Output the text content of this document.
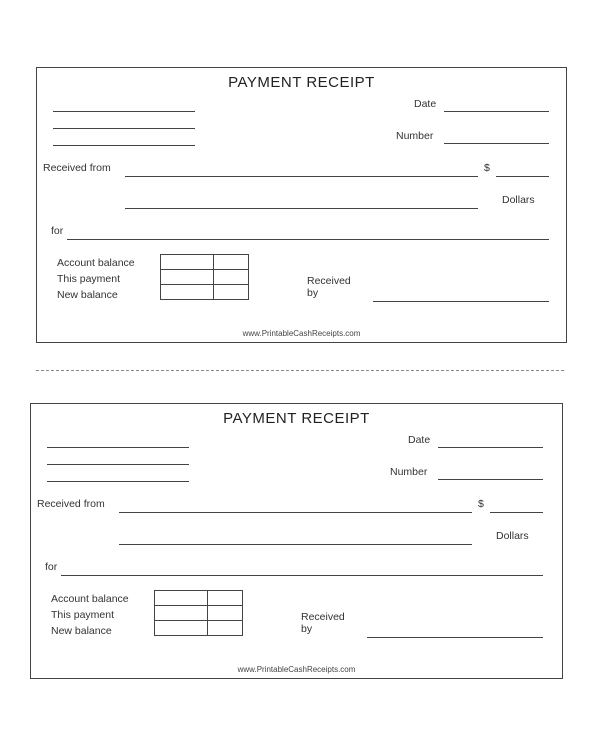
PAYMENT RECEIPT
Date
Number
Received from	$
Dollars
for
Account balance
This payment
New balance

Received
by
www.PrintableCashReceipts.com
PAYMENT RECEIPT
Date
Number
Received from	$
Dollars
for
Account balance
This payment
New balance

Received
by
www.PrintableCashReceipts.com
